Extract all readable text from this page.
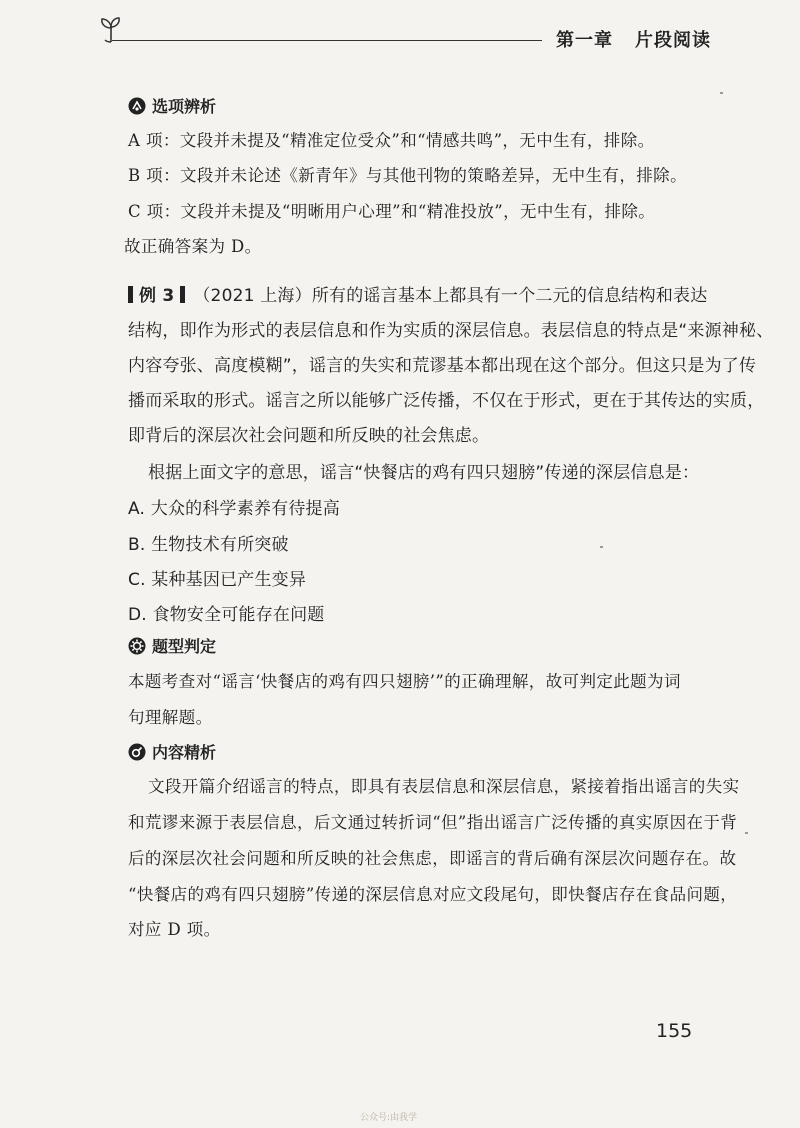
第一章 片段阅读
选项辨析
A 项：文段并未提及“精准定位受众”和“情感共鸣”，无中生有，排除。
B 项：文段并未论述《新青年》与其他刊物的策略差异，无中生有，排除。
C 项：文段并未提及“明晰用户心理”和“精准投放”，无中生有，排除。
故正确答案为 D。
例 3 （2021 上海）所有的谣言基本上都具有一个二元的信息结构和表达
结构，即作为形式的表层信息和作为实质的深层信息。表层信息的特点是“来源神秘、
内容夸张、高度模糊”，谣言的失实和荒谬基本都出现在这个部分。但这只是为了传
播而采取的形式。谣言之所以能够广泛传播，不仅在于形式，更在于其传达的实质，
即背后的深层次社会问题和所反映的社会焦虑。
根据上面文字的意思，谣言“快餐店的鸡有四只翅膀”传递的深层信息是：
A. 大众的科学素养有待提高
B. 生物技术有所突破
C. 某种基因已产生变异
D. 食物安全可能存在问题
题型判定
本题考查对“谣言‘快餐店的鸡有四只翅膀’”的正确理解，故可判定此题为词
句理解题。
内容精析
文段开篇介绍谣言的特点，即具有表层信息和深层信息，紧接着指出谣言的失实
和荒谬来源于表层信息，后文通过转折词“但”指出谣言广泛传播的真实原因在于背
后的深层次社会问题和所反映的社会焦虑，即谣言的背后确有深层次问题存在。故
“快餐店的鸡有四只翅膀”传递的深层信息对应文段尾句，即快餐店存在食品问题，
对应 D 项。
155
公众号:由我学
